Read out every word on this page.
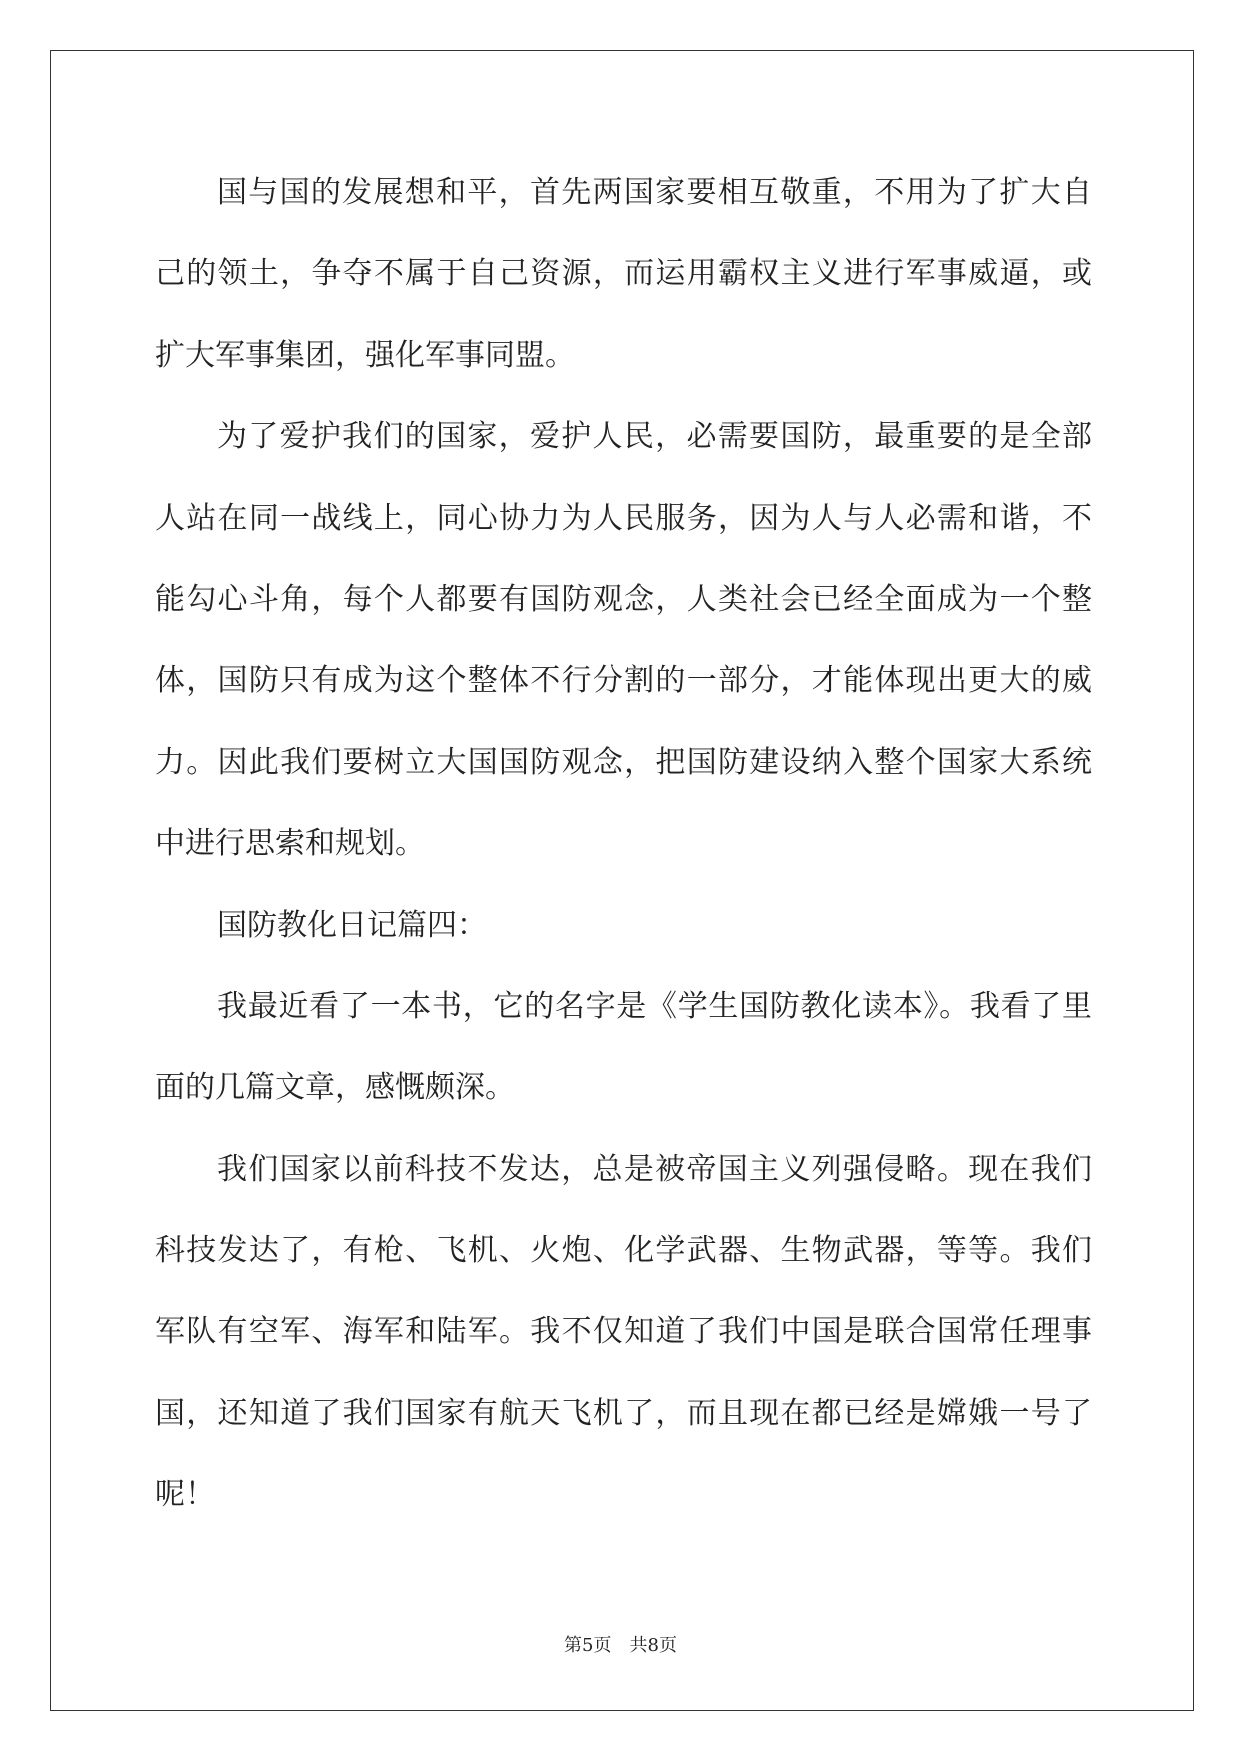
国与国的发展想和平，首先两国家要相互敬重，不用为了扩大自
己的领土，争夺不属于自己资源，而运用霸权主义进行军事威逼，或
扩大军事集团，强化军事同盟。
为了爱护我们的国家，爱护人民，必需要国防，最重要的是全部
人站在同一战线上，同心协力为人民服务，因为人与人必需和谐，不
能勾心斗角，每个人都要有国防观念，人类社会已经全面成为一个整
体，国防只有成为这个整体不行分割的一部分，才能体现出更大的威
力。因此我们要树立大国国防观念，把国防建设纳入整个国家大系统
中进行思索和规划。
国防教化日记篇四：
我最近看了一本书，它的名字是《学生国防教化读本》。我看了里
面的几篇文章，感慨颇深。
我们国家以前科技不发达，总是被帝国主义列强侵略。现在我们
科技发达了，有枪、飞机、火炮、化学武器、生物武器，等等。我们
军队有空军、海军和陆军。我不仅知道了我们中国是联合国常任理事
国，还知道了我们国家有航天飞机了，而且现在都已经是嫦娥一号了
呢！
第5页 共8页
